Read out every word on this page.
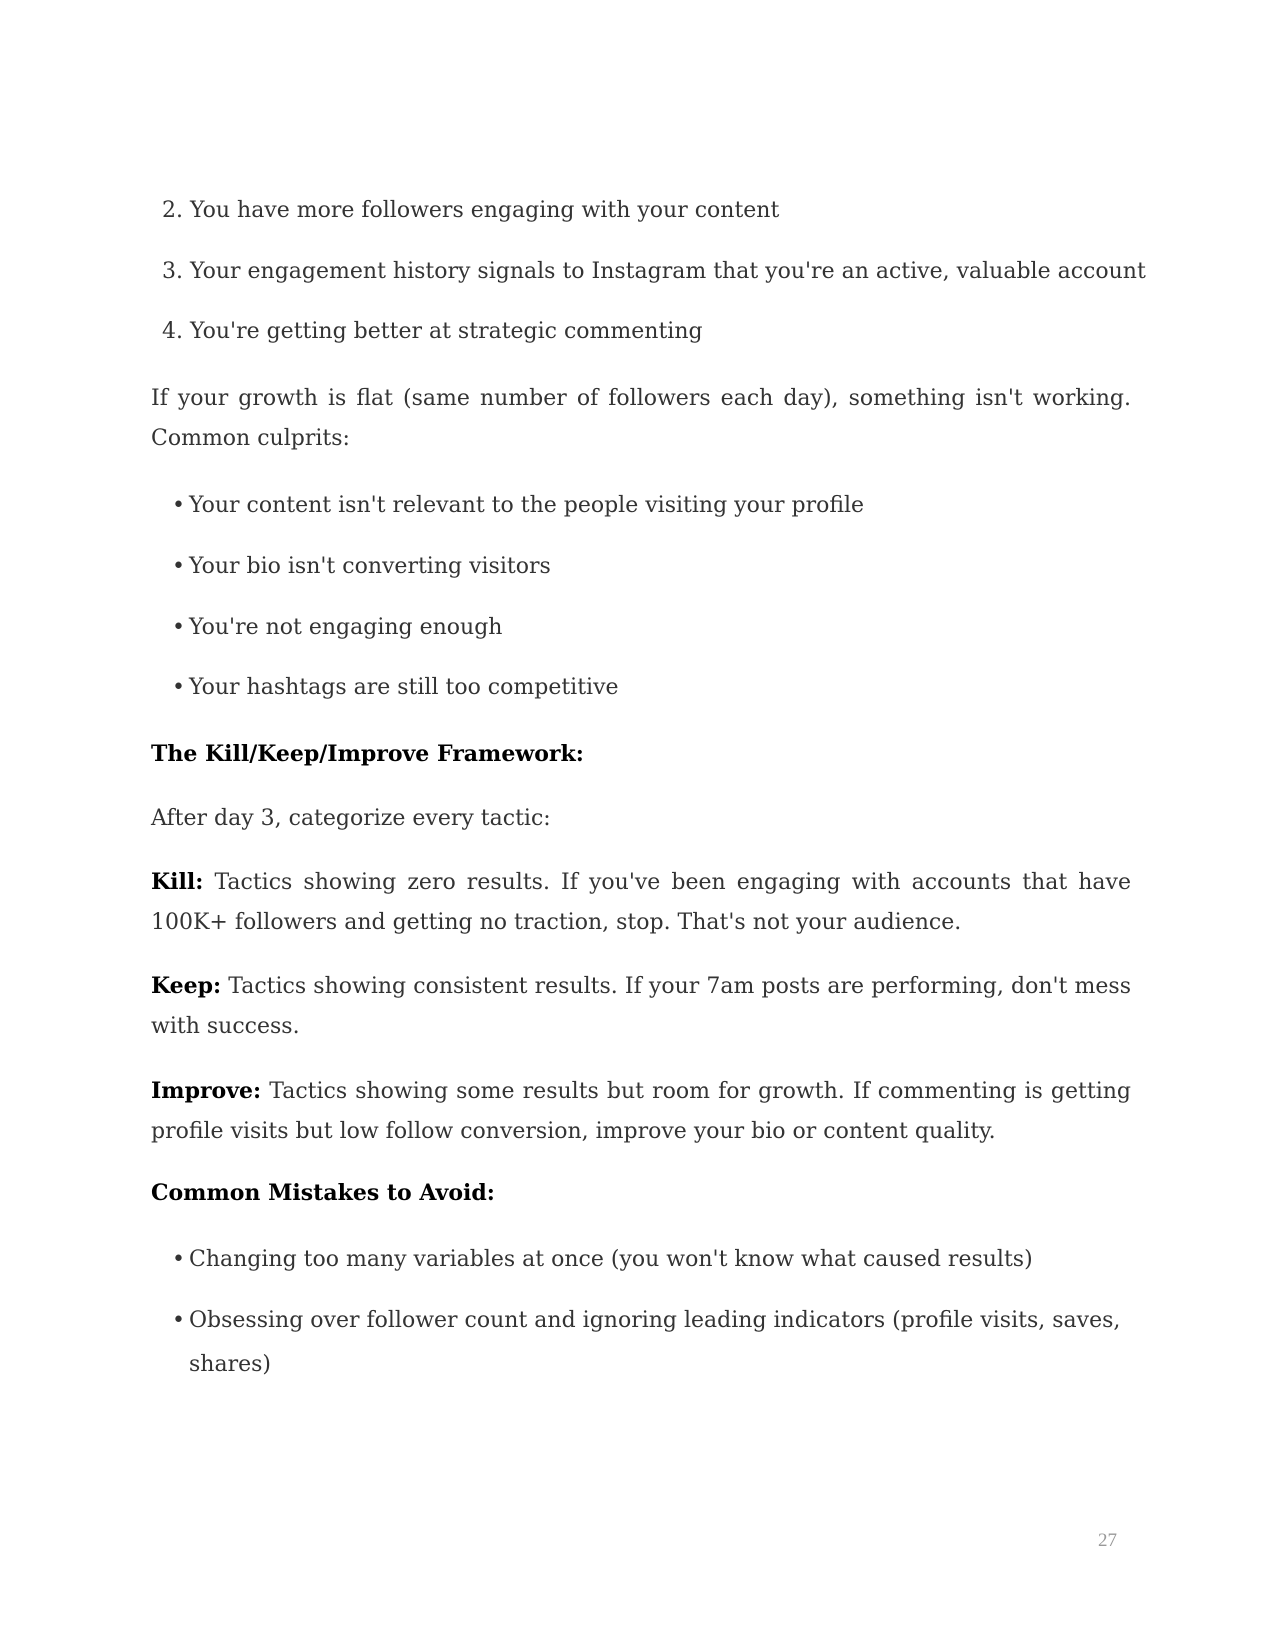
2. You have more followers engaging with your content
3. Your engagement history signals to Instagram that you're an active, valuable account
4. You're getting better at strategic commenting

If your growth is flat (same number of followers each day), something isn't working. Common culprits:

• Your content isn't relevant to the people visiting your profile
• Your bio isn't converting visitors
• You're not engaging enough
• Your hashtags are still too competitive
The Kill/Keep/Improve Framework:
After day 3, categorize every tactic:

Kill: Tactics showing zero results. If you've been engaging with accounts that have 100K+ followers and getting no traction, stop. That's not your audience.

Keep: Tactics showing consistent results. If your 7am posts are performing, don't mess with success.

Improve: Tactics showing some results but room for growth. If commenting is getting profile visits but low follow conversion, improve your bio or content quality.

Common Mistakes to Avoid:
• Changing too many variables at once (you won't know what caused results)
• Obsessing over follower count and ignoring leading indicators (profile visits, saves,
shares)
27
